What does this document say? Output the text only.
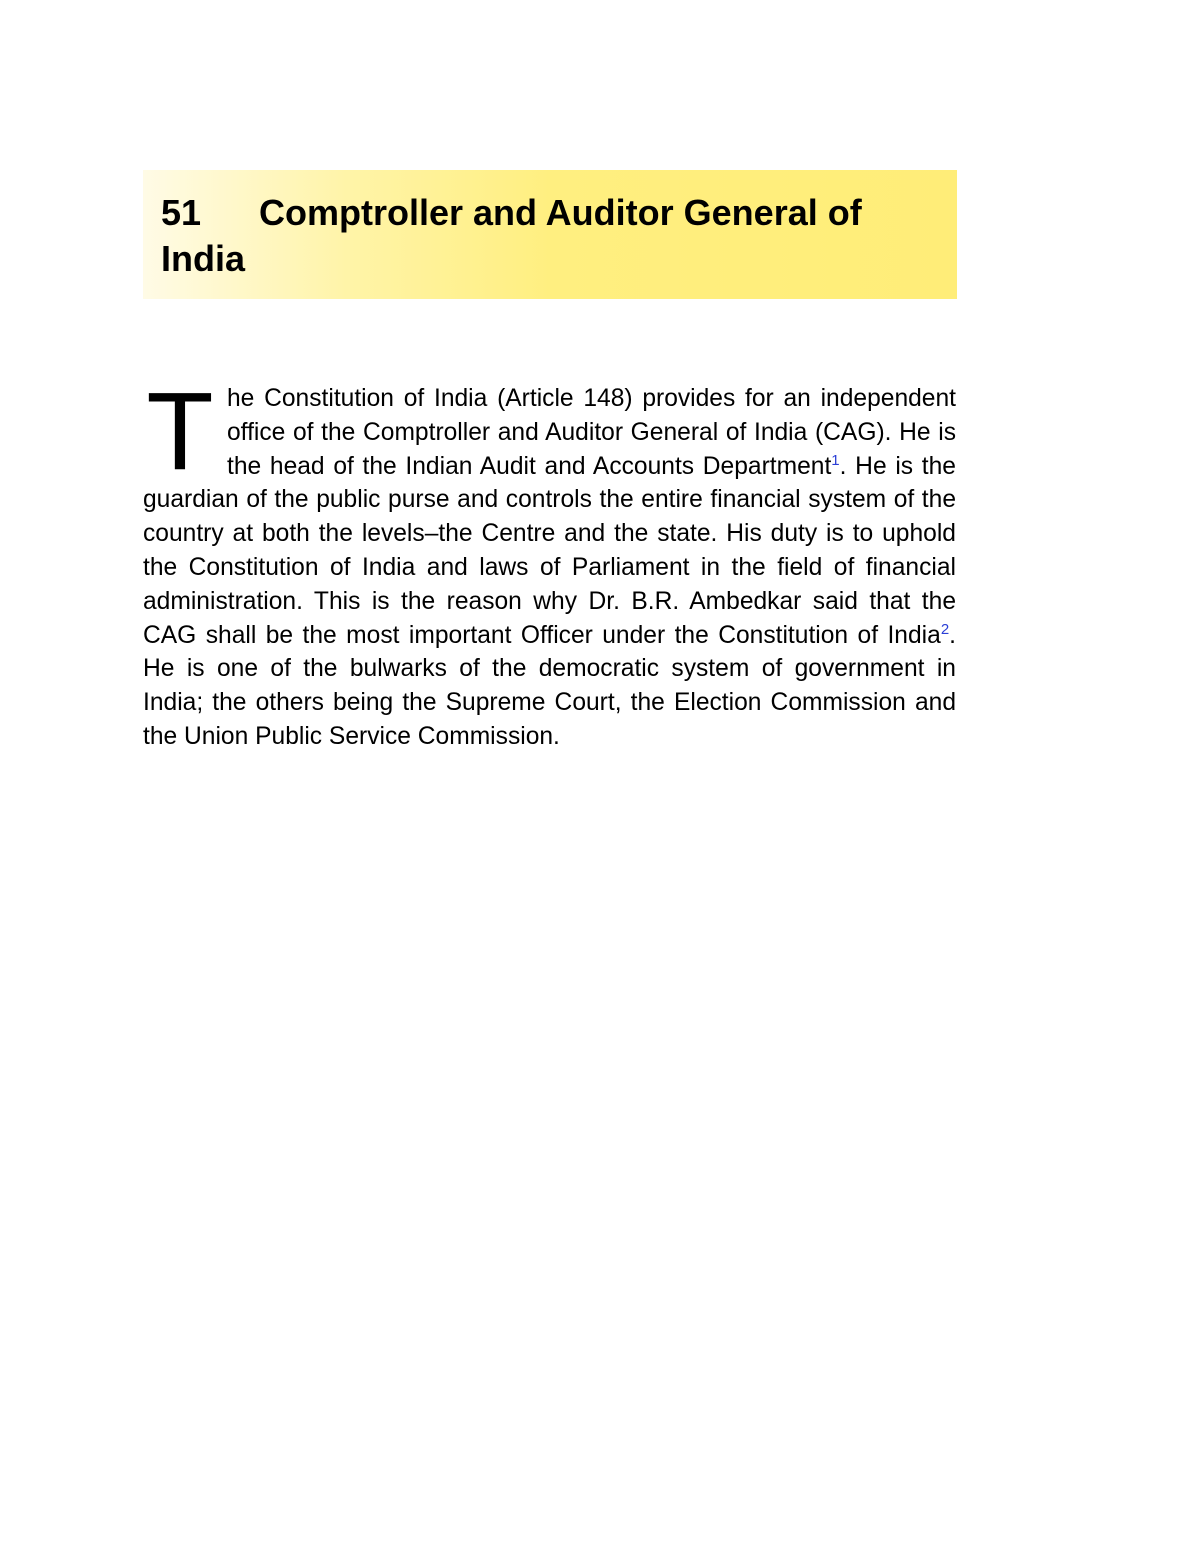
51 Comptroller and Auditor General of India

The Constitution of India (Article 148) provides for an independent office of the Comptroller and Auditor General of India (CAG). He is the head of the Indian Audit and Accounts Department$^1$. He is the guardian of the public purse and controls the entire financial system of the country at both the levels–the Centre and the state. His duty is to uphold the Constitution of India and laws of Parliament in the field of financial administration. This is the reason why Dr. B.R. Ambedkar said that the CAG shall be the most important Officer under the Constitution of India$^2$. He is one of the bulwarks of the democratic system of government in India; the others being the Supreme Court, the Election Commission and the Union Public Service Commission.
